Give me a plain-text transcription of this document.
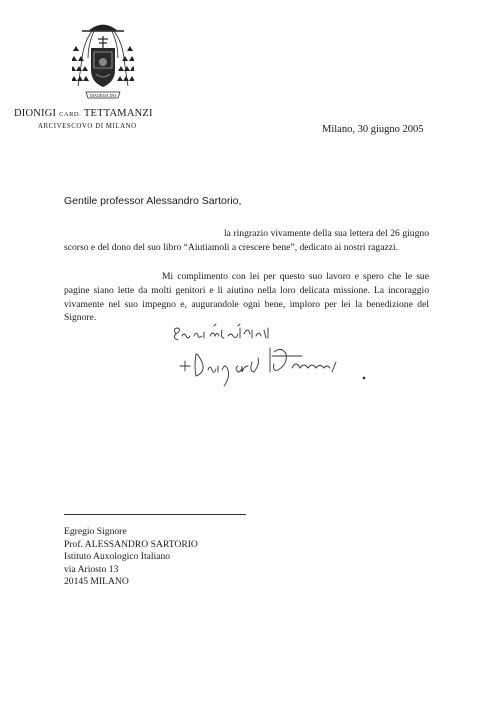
DIADEMA DEI
DIONIGI CARD. TETTAMANZI
ARCIVESCOVO DI MILANO	Milano, 30 giugno 2005
Gentile professor Alessandro Sartorio,
la ringrazio vivamente della sua lettera del 26 giugno scorso e del dono del suo libro “Aiutiamoli a crescere bene”, dedicato ai nostri ragazzi.
Mi complimento con lei per questo suo lavoro e spero che le sue pagine siano lette da molti genitori e li aiutino nella loro delicata missione. La incoraggio vivamente nel suo impegno e, augurandole ogni bene, imploro per lei la benedizione del Signore.
Egregio Signore
Prof. ALESSANDRO SARTORIO
Istituto Auxologico Italiano
via Ariosto 13
20145 MILANO
